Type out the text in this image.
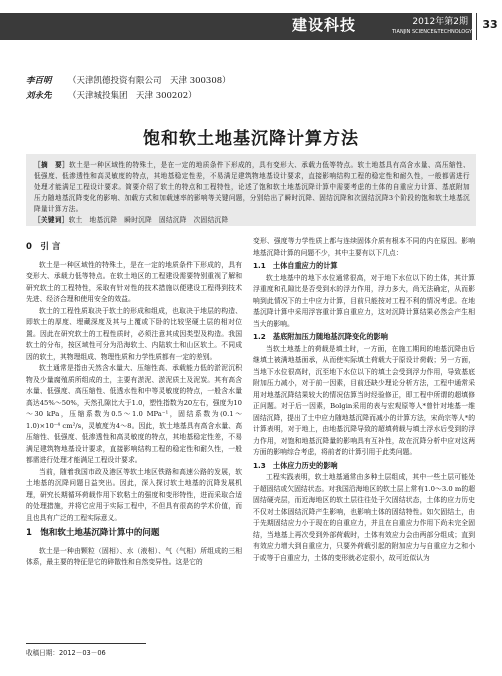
建设科技	2012年第2期
TIANJIN SCIENCE&TECHNOLOGY
33
李百明 （天津凯德投资有限公司　天津 300308）
刘永先 （天津城投集团　天津 300202）
饱和软土地基沉降计算方法
［摘　要］软土是一种区域性的特殊土，是在一定的地质条件下形成的，具有变形大、承载力低等特点。软土地基具有高含水量、高压缩性、低强度、低渗透性和高灵敏度的特点，其地基稳定性差，不易满足建筑物地基设计要求，直接影响结构工程的稳定性和耐久性，一般都需进行处理才能满足工程设计要求。简要介绍了软土的特点和工程特性，论述了饱和软土地基沉降计算中需要考虑的土体的自重应力计算、基底附加压力随地基沉降变化的影响、加载方式和加载速率的影响等关键问题，分别给出了瞬时沉降、固结沉降和次固结沉降3个阶段的饱和软土地基沉降量计算方法。
［关键词］软土　地基沉降　瞬时沉降　固结沉降　次固结沉降
0　引 言

软土是一种区域性的特殊土，是在一定的地质条件下形成的，具有变形大、承载力低等特点。在软土地区的工程建设需要特别重视了解和研究软土的工程特性，采取有针对性的技术措施以便建设工程得到技术先进、经济合理和使用安全的效益。

软土的工程性质取决于软土的形成和组成，也取决于地层的构造、即软土的厚度、埋藏深度及其与上覆或下卧的比较坚硬土层的相对位置。因此在研究软土的工程性质时，必须注意其成因类型及构造。我国软土的分布，按区域性可分为沿海软土、内陆软土和山区软土。不同成因的软土，其物理组成、物理性质和力学性质都有一定的差别。

软土通常是指由天然含水量大、压缩性高、承载能力低的淤泥沉积物及少量腐殖质所组成的土，主要有淤泥、淤泥质土及泥炭。其有高含水量、低强度、高压缩性、低透水性和中等灵敏度的特点，一般含水量高达45%～50%，天然孔隙比大于1.0，塑性指数为20左右，强度为10～30 kPa，压缩系数为0.5～1.0 MPa⁻¹，固结系数为(0.1～1.0)×10⁻⁴ cm²/s，灵敏度为4～8。因此，软土地基具有高含水量、高压缩性、低强度、低渗透性和高灵敏度的特点，其地基稳定性差，不易满足建筑物地基设计要求，直接影响结构工程的稳定性和耐久性，一般都需进行处理才能满足工程设计要求。

当前，随着我国市政及港区等软土地区铁路和高速公路的发展，软土地基的沉降问题日益突出。因此，深入探讨软土地基的沉降发展机理，研究长期循环荷载作用下软粘土的强度和变形特性，进而采取合适的处理措施，并将它应用于实际工程中，不但具有很高的学术价值，而且也具有广泛的工程实际意义。

1　饱和软土地基沉降计算中的问题

软土是一种由颗粒（固相）、水（液相）、气（气相）所组成的三相体系，最主要的特征是它的碎散性和自然变异性。这是它的

变形、强度等力学性质上都与连续固体介质有根本不同的内在原因。影响地基沉降计算的问题不少，其中主要有以下几点：

1.1　土体自重应力的计算

软土地基中的地下水位通常很高，对于地下水位以下的土体，其计算浮重度和孔隙比是否受到水的浮力作用，浮力多大，尚无法确定，从而影响到此情况下的土中应力计算，目前只能按对工程不利的情况考虑。在地基沉降计算中采用浮容重计算自重应力，这对沉降计算结果必然会产生相当大的影响。

1.2　基底附加压力随地基沉降变化的影响

当软土地基上的荷载是填土时，一方面，在施工期间的地基沉降由后继填土被满地基面承，从而使实际填土荷载大于原设计荷载；另一方面，当地下水位很高时，沉至地下水位以下的填土会受到浮力作用，导致基底附加压力减小，对于前一因素，目前还缺少理论分析方法，工程中通常采用对地基沉降结果较大的情况估算当时经验修正，即工程中所谓的超填修正问题。对于后一因素，Bolgin采用的表与宏观原等人*曾针对地基一维固结沉降，提出了土中应力随地基沉降而减小的计算方法，宋尚宗等人*的计算表明，对于地上，由地基沉降导致的超填荷载与填土浮水后受到的浮力作用，对饱和地基沉降量的影响具有互补性，故在沉降分析中应对这两方面的影响综合考虑，将前者的计算引用于此类问题。

1.3　土体应力历史的影响

工程实践表明，软土地基通常由多种土层组成，其中一些土层可能处于超固结或欠固结状态。对我国沿海地区的软土层上常有1.0～3.0 m的超固结硬壳层，而近海地区的软土层往往处于欠固结状态，土体的应力历史不仅对土体固结沉降产生影响，也影响土体的固结特性。如欠固结土，由于先期固结应力小于现在的自重应力，并且在自重应力作用下尚未完全固结，当地基上再次受到外部荷载时，土体有效应力会由两部分组成；直到有效应力增大到自重应力，只要外荷载引起的附加应力与自重应力之和小于或等于自重应力，土体的变形就必定很小，故可近似认为

收稿日期：2012－03－06
